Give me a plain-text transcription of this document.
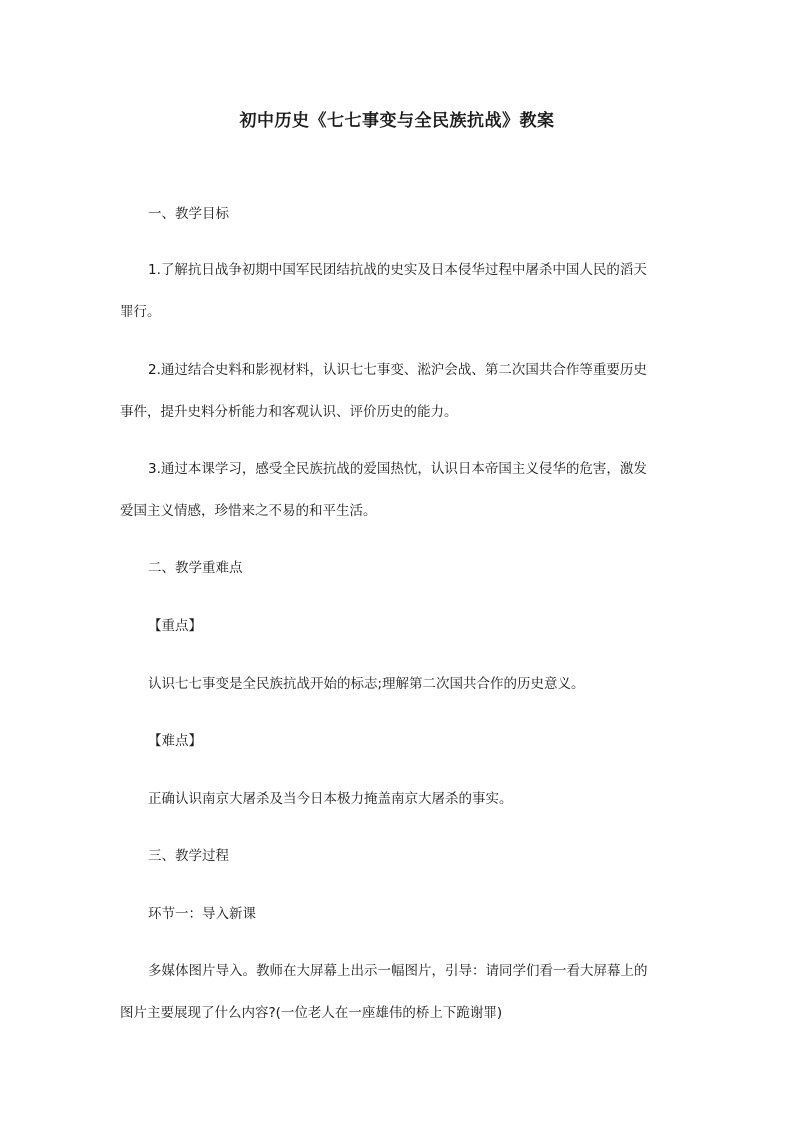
初中历史《七七事变与全民族抗战》教案
一、教学目标
1.了解抗日战争初期中国军民团结抗战的史实及日本侵华过程中屠杀中国人民的滔天
罪行。
2.通过结合史料和影视材料，认识七七事变、淞沪会战、第二次国共合作等重要历史
事件，提升史料分析能力和客观认识、评价历史的能力。
3.通过本课学习，感受全民族抗战的爱国热忱，认识日本帝国主义侵华的危害，激发
爱国主义情感，珍惜来之不易的和平生活。
二、教学重难点
【重点】
认识七七事变是全民族抗战开始的标志;理解第二次国共合作的历史意义。
【难点】
正确认识南京大屠杀及当今日本极力掩盖南京大屠杀的事实。
三、教学过程
环节一：导入新课
多媒体图片导入。教师在大屏幕上出示一幅图片，引导：请同学们看一看大屏幕上的
图片主要展现了什么内容?(一位老人在一座雄伟的桥上下跪谢罪)
